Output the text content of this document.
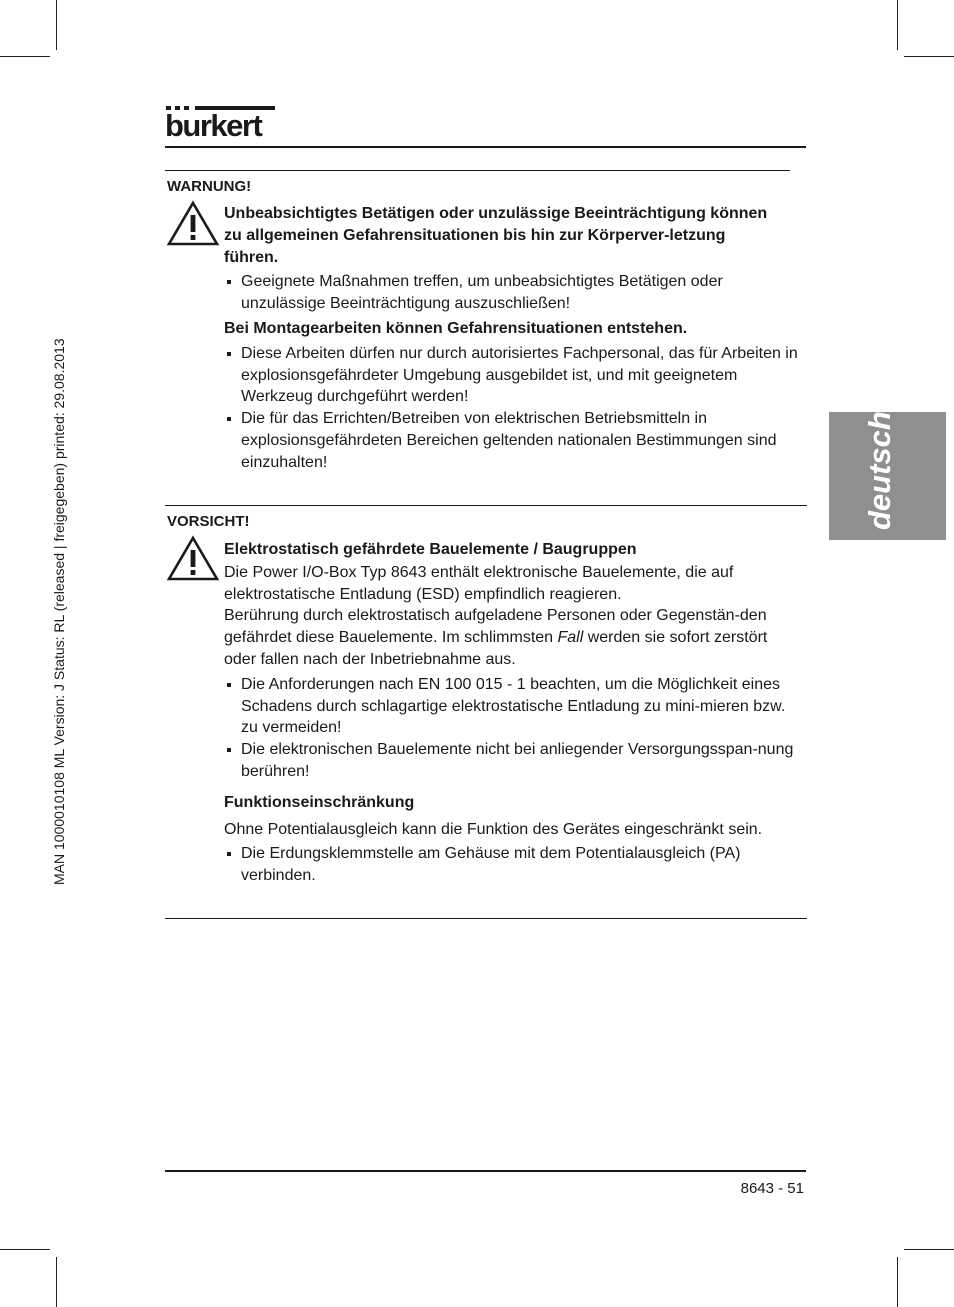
burkert
MAN 1000010108 ML Version: J Status: RL (released | freigegeben) printed: 29.08.2013	deutsch
WARNUNG!

Unbeabsichtigtes Betätigen oder unzulässige Beeinträchtigung können zu allgemeinen Gefahrensituationen bis hin zur Körperver-letzung führen.

Geeignete Maßnahmen treffen, um unbeabsichtigtes Betätigen oder unzulässige Beeinträchtigung auszuschließen!

Bei Montagearbeiten können Gefahrensituationen entstehen.

Diese Arbeiten dürfen nur durch autorisiertes Fachpersonal, das für Arbeiten in explosionsgefährdeter Umgebung ausgebildet ist, und mit geeignetem Werkzeug durchgeführt werden!
Die für das Errichten/Betreiben von elektrischen Betriebsmitteln in explosionsgefährdeten Bereichen geltenden nationalen Bestimmungen sind einzuhalten!
VORSICHT!

Elektrostatisch gefährdete Bauelemente / Baugruppen

Die Power I/O-Box Typ 8643 enthält elektronische Bauelemente, die auf elektrostatische Entladung (ESD) empfindlich reagieren.

Berührung durch elektrostatisch aufgeladene Personen oder Gegenstän-den gefährdet diese Bauelemente. Im schlimmsten Fall werden sie sofort zerstört oder fallen nach der Inbetriebnahme aus.

Die Anforderungen nach EN 100 015 - 1 beachten, um die Möglichkeit eines Schadens durch schlagartige elektrostatische Entladung zu mini-mieren bzw. zu vermeiden!
Die elektronischen Bauelemente nicht bei anliegender Versorgungsspan-nung berühren!

Funktionseinschränkung

Ohne Potentialausgleich kann die Funktion des Gerätes eingeschränkt sein.

Die Erdungsklemmstelle am Gehäuse mit dem Potentialausgleich (PA) verbinden.
8643 - 51
